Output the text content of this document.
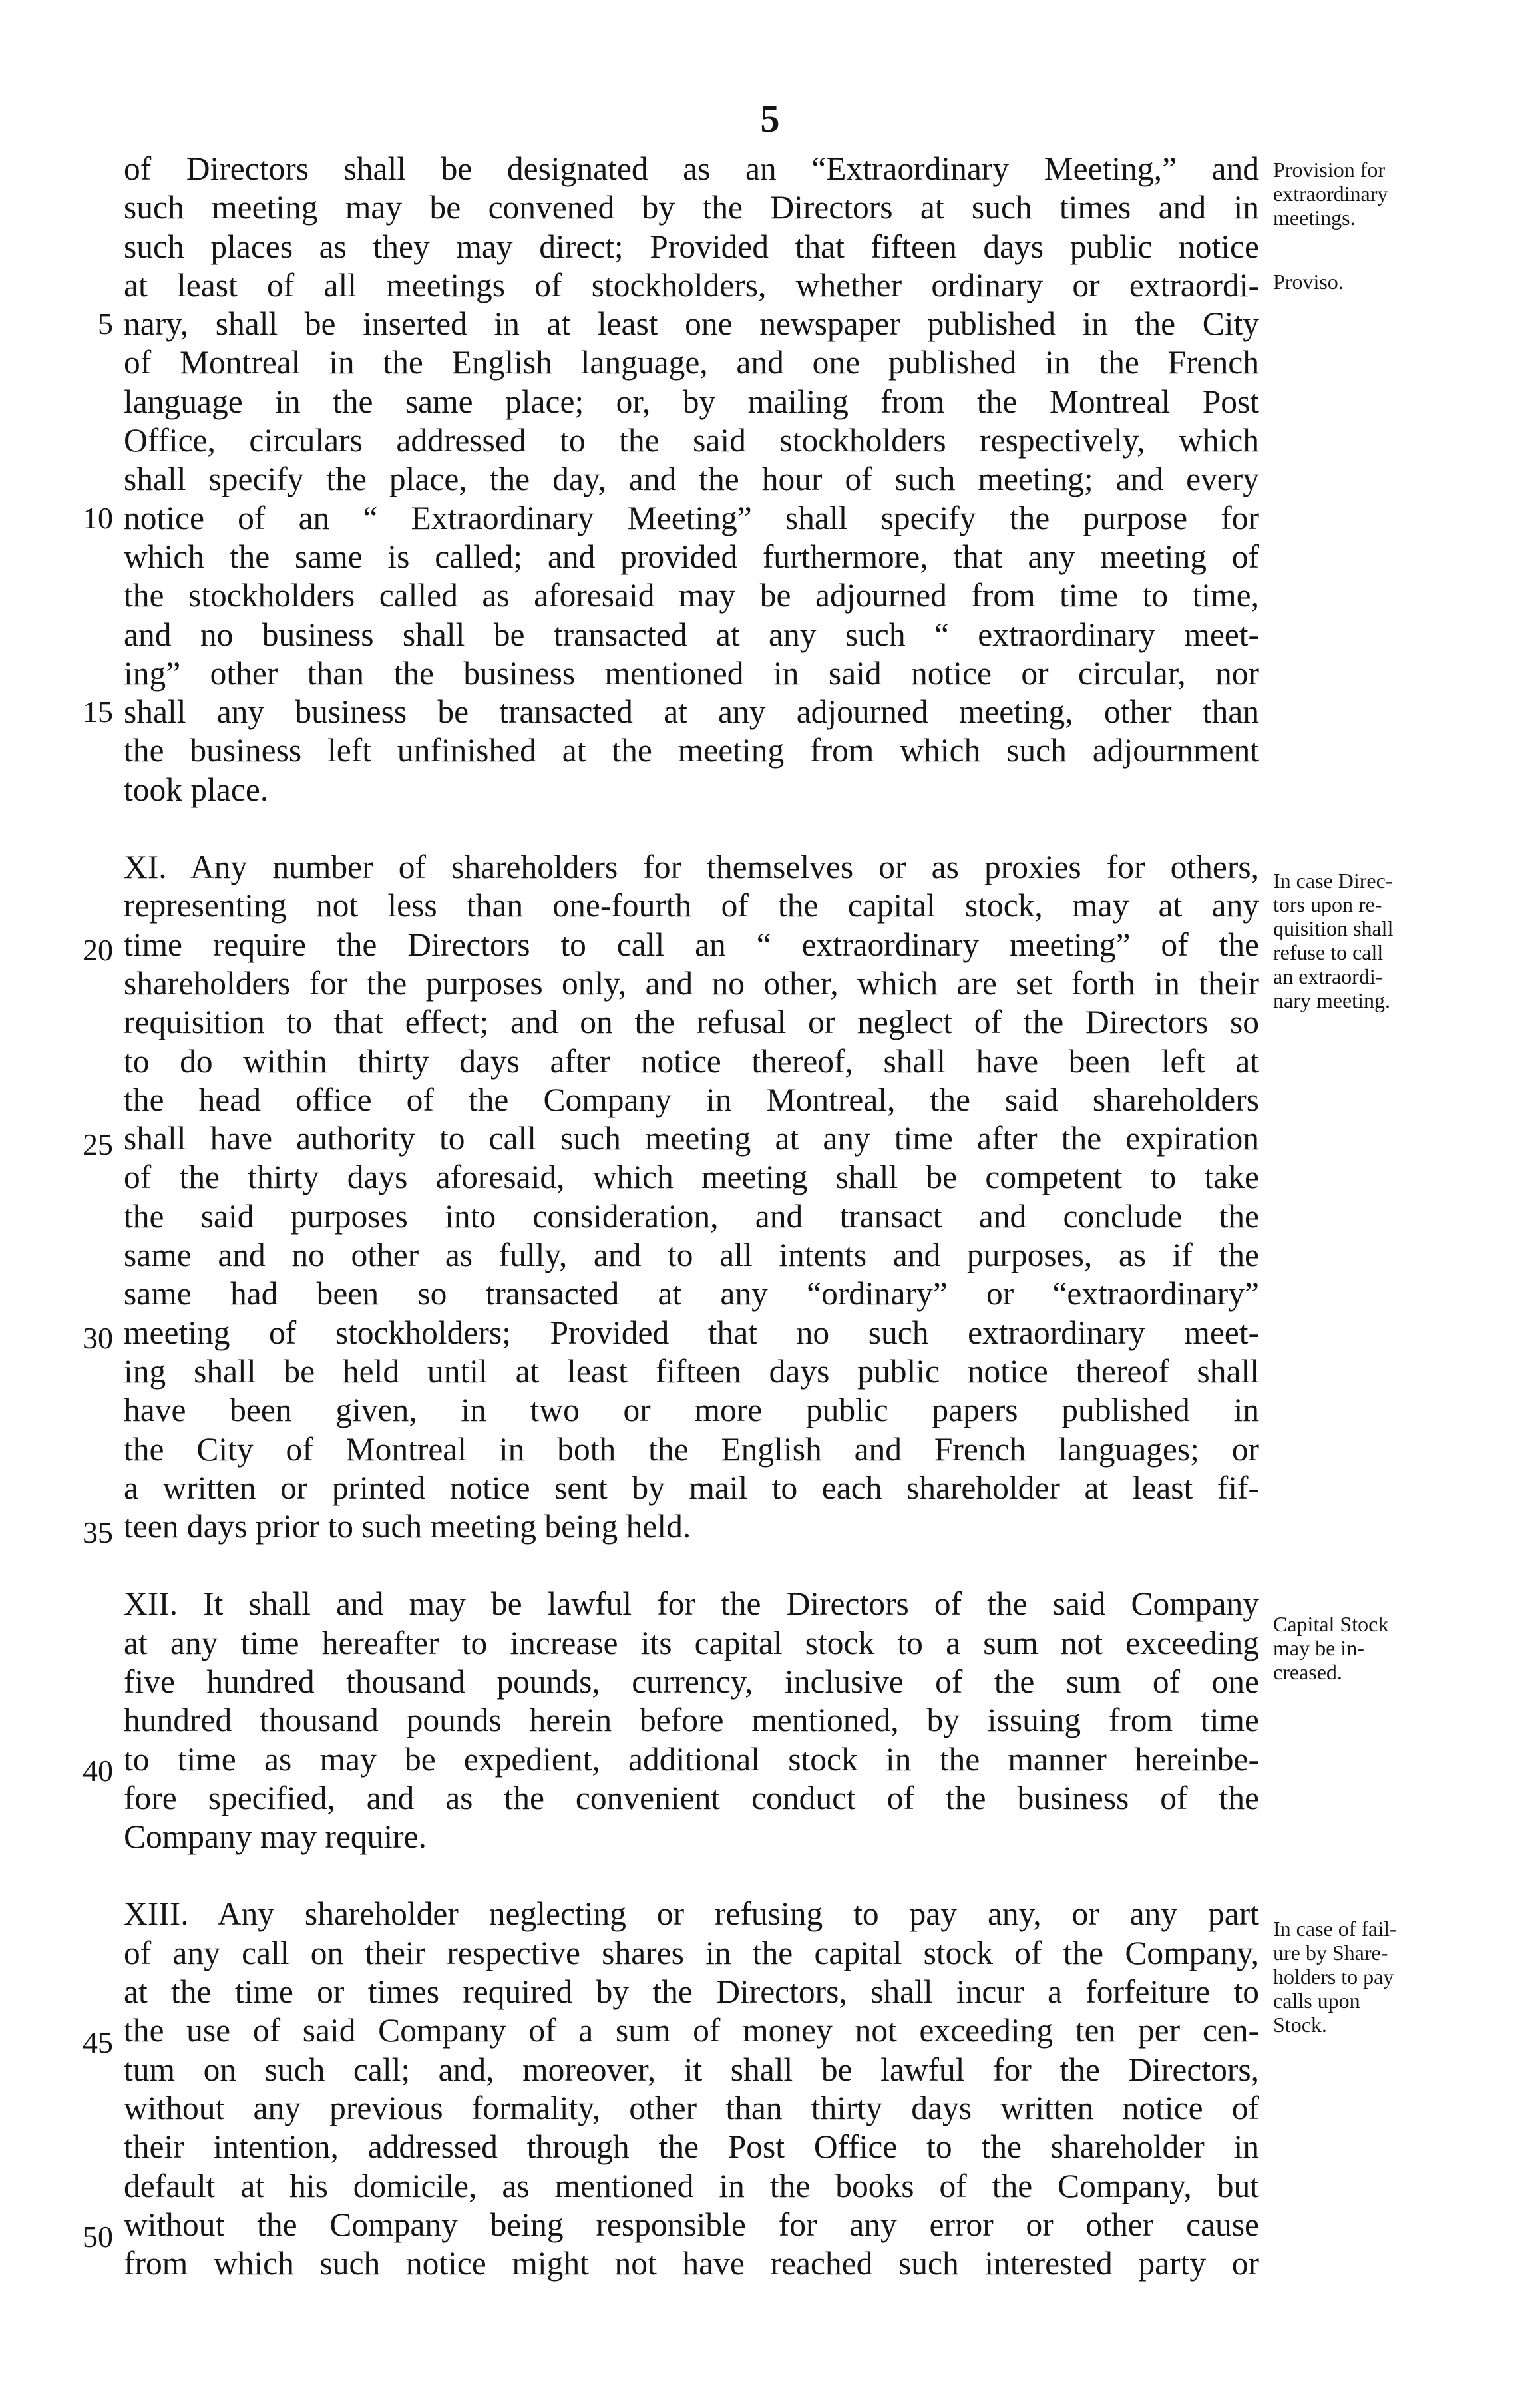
5
of Directors shall be designated as an “Extraordinary Meeting,” and
such meeting may be convened by the Directors at such times and in
such places as they may direct; Provided that fifteen days public notice
at least of all meetings of stockholders, whether ordinary or extraordi-
nary, shall be inserted in at least one newspaper published in the City
of Montreal in the English language, and one published in the French
language in the same place; or, by mailing from the Montreal Post
Office, circulars addressed to the said stockholders respectively, which
shall specify the place, the day, and the hour of such meeting; and every
notice of an “ Extraordinary Meeting” shall specify the purpose for
which the same is called; and provided furthermore, that any meeting of
the stockholders called as aforesaid may be adjourned from time to time,
and no business shall be transacted at any such “ extraordinary meet-
ing” other than the business mentioned in said notice or circular, nor
shall any business be transacted at any adjourned meeting, other than
the business left unfinished at the meeting from which such adjournment
took place.
XI. Any number of shareholders for themselves or as proxies for others,
representing not less than one-fourth of the capital stock, may at any
time require the Directors to call an “ extraordinary meeting” of the
shareholders for the purposes only, and no other, which are set forth in their
requisition to that effect; and on the refusal or neglect of the Directors so
to do within thirty days after notice thereof, shall have been left at
the head office of the Company in Montreal, the said shareholders
shall have authority to call such meeting at any time after the expiration
of the thirty days aforesaid, which meeting shall be competent to take
the said purposes into consideration, and transact and conclude the
same and no other as fully, and to all intents and purposes, as if the
same had been so transacted at any “ordinary” or “extraordinary”
meeting of stockholders; Provided that no such extraordinary meet-
ing shall be held until at least fifteen days public notice thereof shall
have been given, in two or more public papers published in
the City of Montreal in both the English and French languages; or
a written or printed notice sent by mail to each shareholder at least fif-
teen days prior to such meeting being held.
XII. It shall and may be lawful for the Directors of the said Company
at any time hereafter to increase its capital stock to a sum not exceeding
five hundred thousand pounds, currency, inclusive of the sum of one
hundred thousand pounds herein before mentioned, by issuing from time
to time as may be expedient, additional stock in the manner hereinbe-
fore specified, and as the convenient conduct of the business of the
Company may require.
XIII. Any shareholder neglecting or refusing to pay any, or any part
of any call on their respective shares in the capital stock of the Company,
at the time or times required by the Directors, shall incur a forfeiture to
the use of said Company of a sum of money not exceeding ten per cen-
tum on such call; and, moreover, it shall be lawful for the Directors,
without any previous formality, other than thirty days written notice of
their intention, addressed through the Post Office to the shareholder in
default at his domicile, as mentioned in the books of the Company, but
without the Company being responsible for any error or other cause
from which such notice might not have reached such interested party or
5
10
15
20
25
30
35
40
45
50
Provision for
extraordinary
meetings.
Proviso.
In case Direc-
tors upon re-
quisition shall
refuse to call
an extraordi-
nary meeting.
Capital Stock
may be in-
creased.
In case of fail-
ure by Share-
holders to pay
calls upon
Stock.
